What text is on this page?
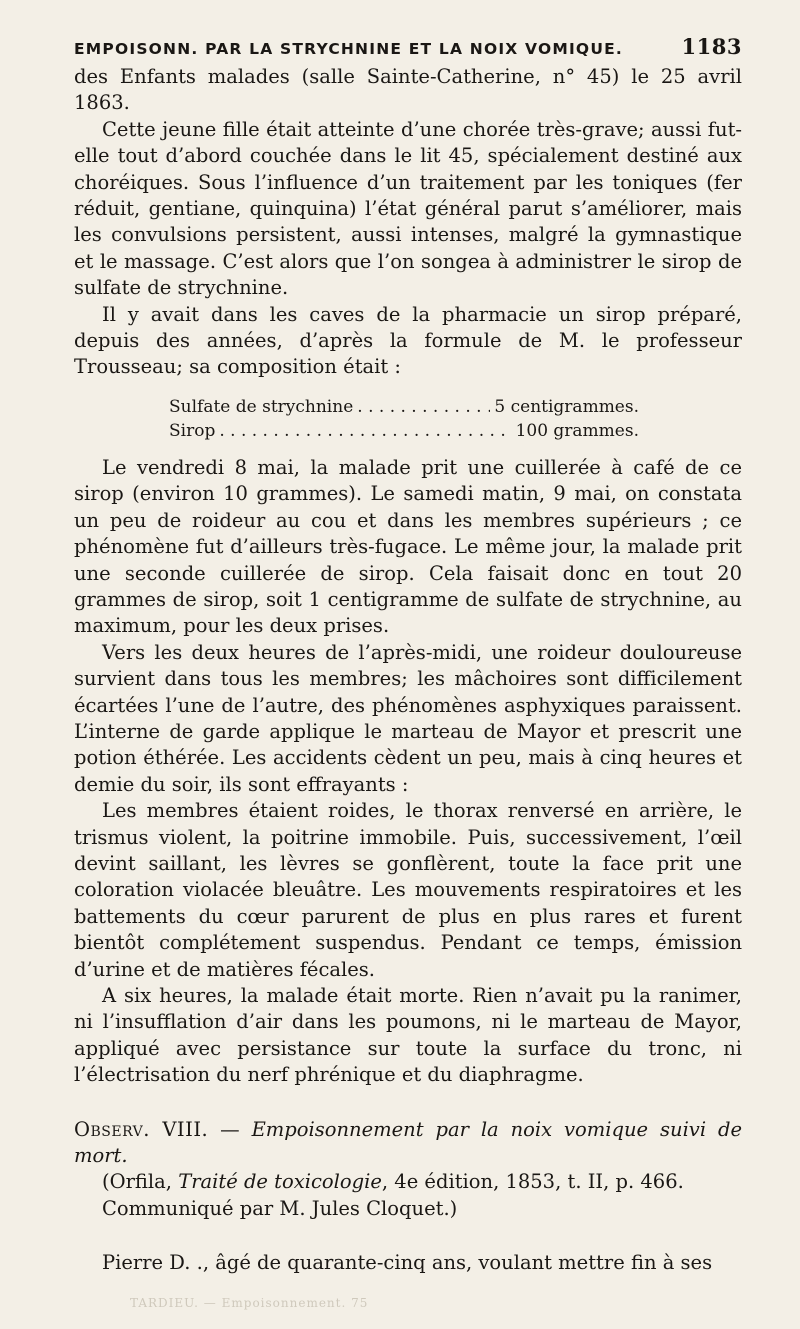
EMPOISONN. PAR LA STRYCHNINE ET LA NOIX VOMIQUE.	1183

des Enfants malades (salle Sainte-Catherine, n° 45) le 25 avril 1863.

Cette jeune fille était atteinte d’une chorée très-grave; aussi fut-elle tout d’abord couchée dans le lit 45, spécialement destiné aux choréiques. Sous l’influence d’un traitement par les toniques (fer réduit, gentiane, quinquina) l’état général parut s’améliorer, mais les convulsions persistent, aussi intenses, malgré la gymnastique et le massage. C’est alors que l’on songea à administrer le sirop de sulfate de strychnine.

Il y avait dans les caves de la pharmacie un sirop préparé, depuis des années, d’après la formule de M. le professeur Trousseau; sa composition était :

Sulfate de strychnine . . .	5 centigrammes.
Sirop . . .	100 grammes.

Le vendredi 8 mai, la malade prit une cuillerée à café de ce sirop (environ 10 grammes). Le samedi matin, 9 mai, on constata un peu de roideur au cou et dans les membres supérieurs ; ce phénomène fut d’ailleurs très-fugace. Le même jour, la malade prit une seconde cuillerée de sirop. Cela faisait donc en tout 20 grammes de sirop, soit 1 centigramme de sulfate de strychnine, au maximum, pour les deux prises.

Vers les deux heures de l’après-midi, une roideur douloureuse survient dans tous les membres; les mâchoires sont difficilement écartées l’une de l’autre, des phénomènes asphyxiques paraissent. L’interne de garde applique le marteau de Mayor et prescrit une potion éthérée. Les accidents cèdent un peu, mais à cinq heures et demie du soir, ils sont effrayants :

Les membres étaient roides, le thorax renversé en arrière, le trismus violent, la poitrine immobile. Puis, successivement, l’œil devint saillant, les lèvres se gonflèrent, toute la face prit une coloration violacée bleuâtre. Les mouvements respiratoires et les battements du cœur parurent de plus en plus rares et furent bientôt complétement suspendus. Pendant ce temps, émission d’urine et de matières fécales.

A six heures, la malade était morte. Rien n’avait pu la ranimer, ni l’insufflation d’air dans les poumons, ni le marteau de Mayor, appliqué avec persistance sur toute la surface du tronc, ni l’électrisation du nerf phrénique et du diaphragme.

Observ. VIII. — Empoisonnement par la noix vomique suivi de mort.

(Orfila, Traité de toxicologie, 4e édition, 1853, t. II, p. 466.

Communiqué par M. Jules Cloquet.)

Pierre D. ., âgé de quarante-cinq ans, voulant mettre fin à ses

TARDIEU. — Empoisonnement. 75
